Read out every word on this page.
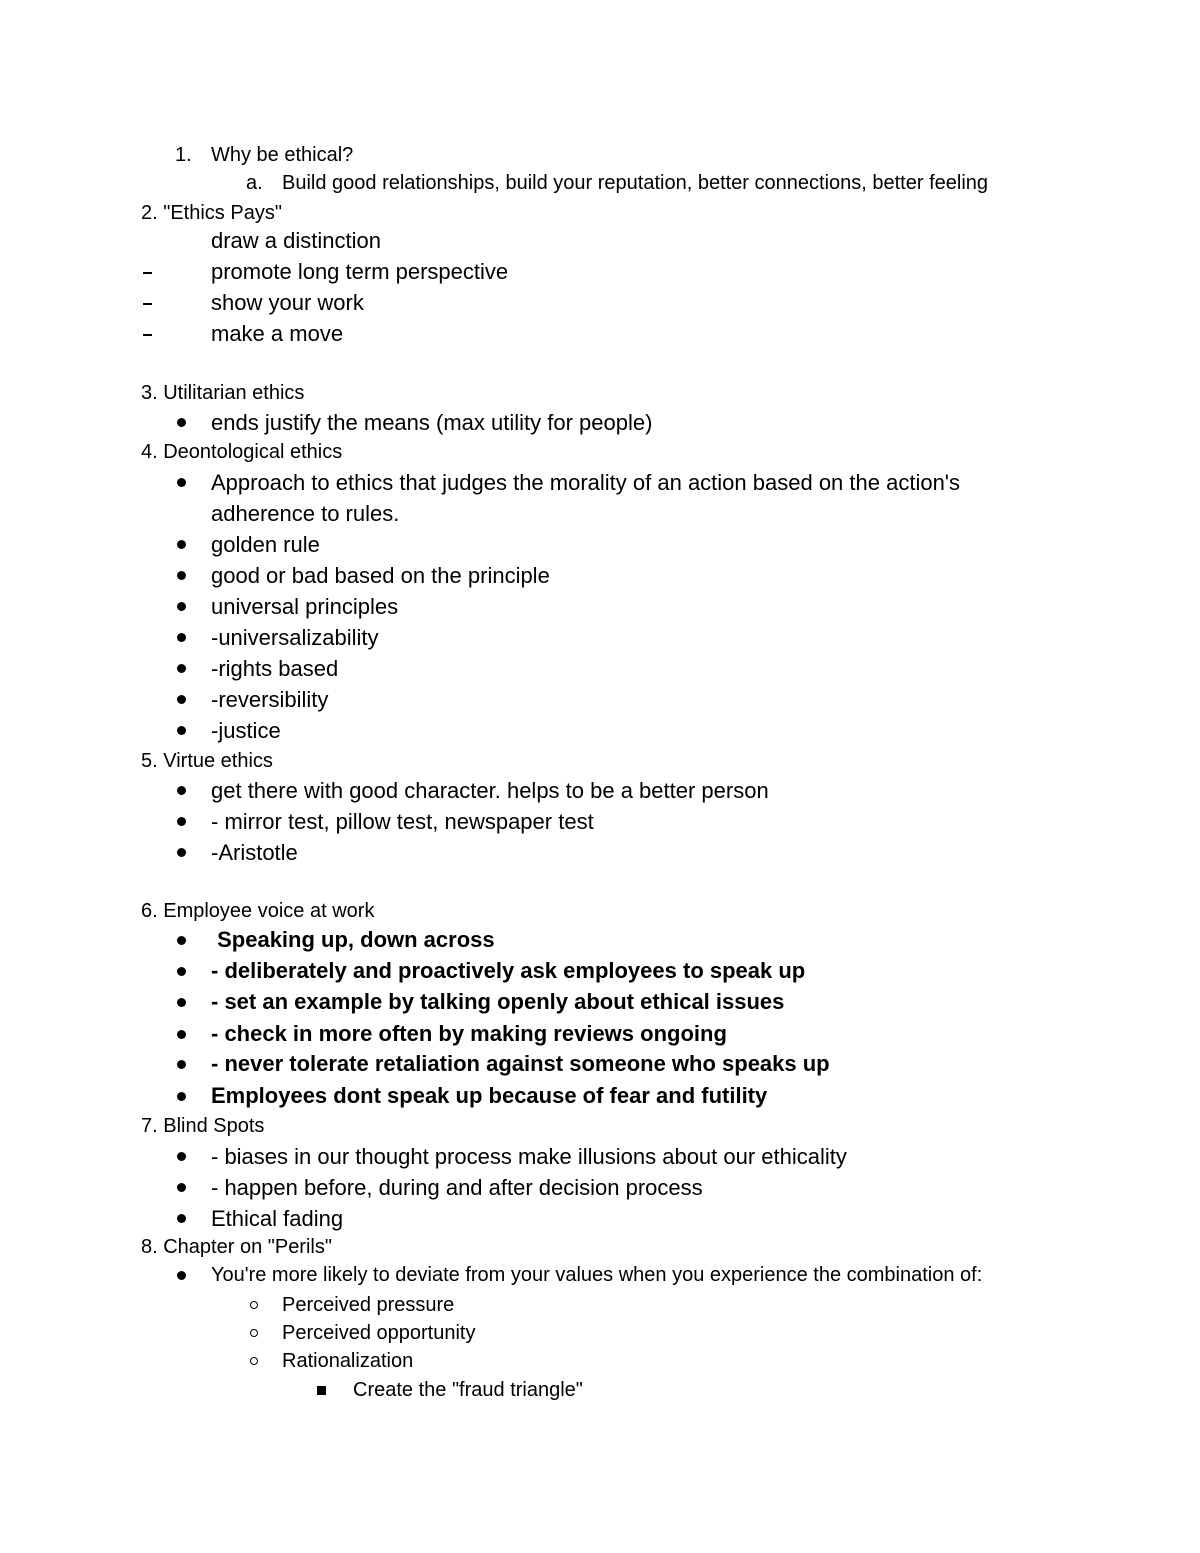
1. Why be ethical?
a. Build good relationships, build your reputation, better connections, better feeling
2. "Ethics Pays"
draw a distinction
promote long term perspective
show your work
make a move
3. Utilitarian ethics
ends justify the means (max utility for people)
4. Deontological ethics
Approach to ethics that judges the morality of an action based on the action's
adherence to rules.
golden rule
good or bad based on the principle
universal principles
-universalizability
-rights based
-reversibility
-justice
5. Virtue ethics
get there with good character. helps to be a better person
- mirror test, pillow test, newspaper test
-Aristotle
6. Employee voice at work
Speaking up, down across
- deliberately and proactively ask employees to speak up
- set an example by talking openly about ethical issues
- check in more often by making reviews ongoing
- never tolerate retaliation against someone who speaks up
Employees dont speak up because of fear and futility
7. Blind Spots
- biases in our thought process make illusions about our ethicality
- happen before, during and after decision process
Ethical fading
8. Chapter on "Perils"
You're more likely to deviate from your values when you experience the combination of:
Perceived pressure
Perceived opportunity
Rationalization
Create the "fraud triangle"
